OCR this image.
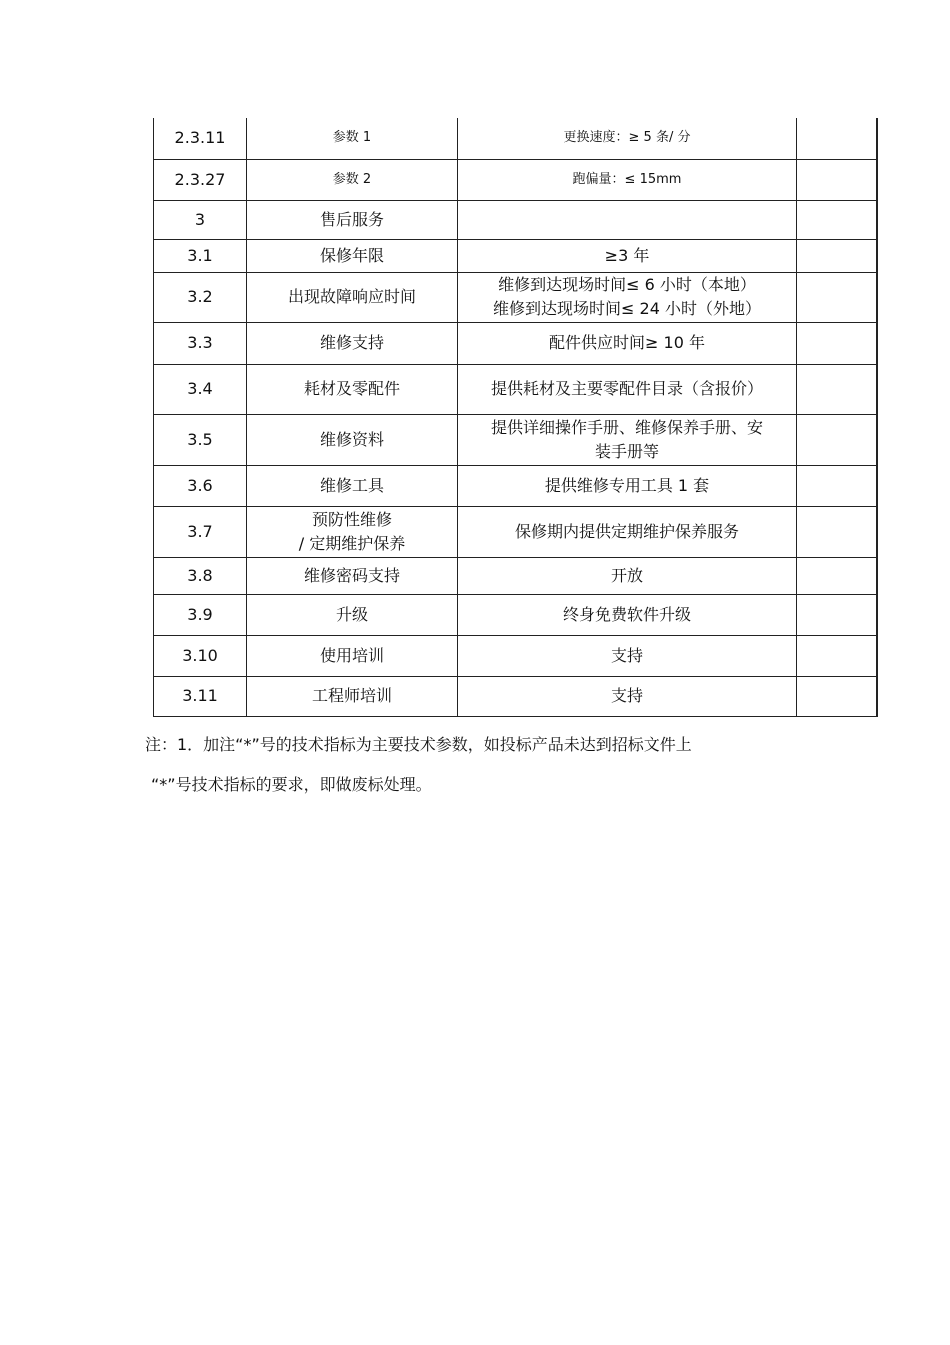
2.3.11	参数 1	更换速度：≥ 5 条/ 分	
2.3.27	参数 2	跑偏量：≤ 15mm	
3	售后服务		
3.1	保修年限	≥3 年	
3.2	出现故障响应时间	维修到达现场时间≤ 6 小时（本地）
维修到达现场时间≤ 24 小时（外地）	

3.3	维修支持	配件供应时间≥ 10 年	
3.4	耗材及零配件	提供耗材及主要零配件目录（含报价）	
3.5	维修资料	提供详细操作手册、维修保养手册、安
装手册等	

3.6	维修工具	提供维修专用工具 1 套	
3.7	预防性维修
/ 定期维护保养	保修期内提供定期维护保养服务	
3.8	维修密码支持	开放	
3.9	升级	终身免费软件升级	
3.10	使用培训	支持	
3.11	工程师培训	支持	
注：1．加注“*”号的技术指标为主要技术参数，如投标产品未达到招标文件上
“*”号技术指标的要求，即做废标处理。
